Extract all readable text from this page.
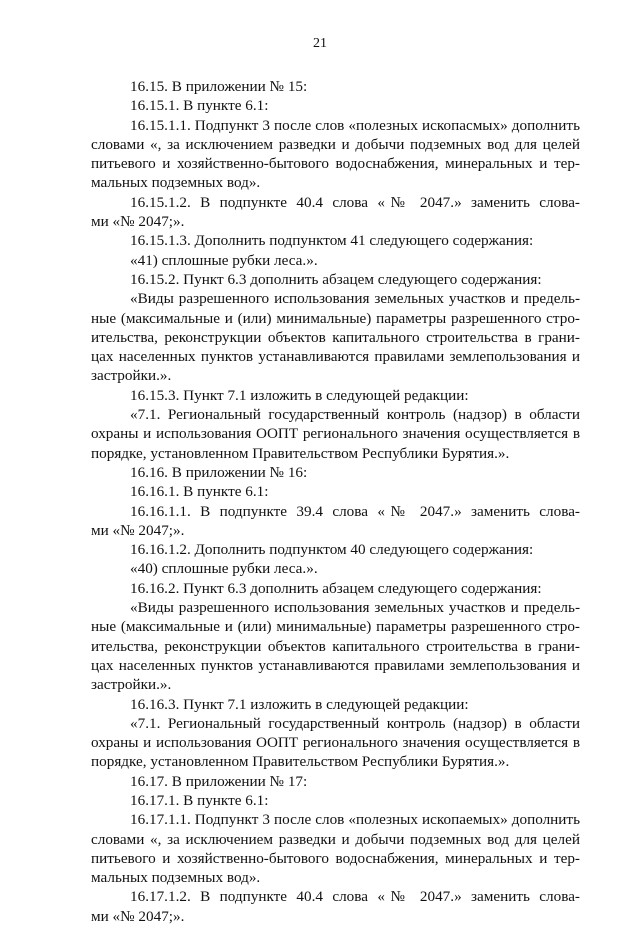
21
16.15. В приложении № 15:
16.15.1. В пункте 6.1:
16.15.1.1. Подпункт 3 после слов «полезных ископасмых» дополнить
словами «, за исключением разведки и добычи подземных вод для целей
питьевого и хозяйственно-бытового водоснабжения, минеральных и тер-
мальных подземных вод».
16.15.1.2. В подпункте 40.4 слова «№ 2047.» заменить слова-
ми «№ 2047;».
16.15.1.3. Дополнить подпунктом 41 следующего содержания:
«41) сплошные рубки леса.».
16.15.2. Пункт 6.3 дополнить абзацем следующего содержания:
«Виды разрешенного использования земельных участков и предель-
ные (максимальные и (или) минимальные) параметры разрешенного стро-
ительства, реконструкции объектов капитального строительства в грани-
цах населенных пунктов устанавливаются правилами землепользования и
застройки.».
16.15.3. Пункт 7.1 изложить в следующей редакции:
«7.1. Региональный государственный контроль (надзор) в области
охраны и использования ООПТ регионального значения осуществляется в
порядке, установленном Правительством Республики Бурятия.».
16.16. В приложении № 16:
16.16.1. В пункте 6.1:
16.16.1.1. В подпункте 39.4 слова «№ 2047.» заменить слова-
ми «№ 2047;».
16.16.1.2. Дополнить подпунктом 40 следующего содержания:
«40) сплошные рубки леса.».
16.16.2. Пункт 6.3 дополнить абзацем следующего содержания:
«Виды разрешенного использования земельных участков и предель-
ные (максимальные и (или) минимальные) параметры разрешенного стро-
ительства, реконструкции объектов капитального строительства в грани-
цах населенных пунктов устанавливаются правилами землепользования и
застройки.».
16.16.3. Пункт 7.1 изложить в следующей редакции:
«7.1. Региональный государственный контроль (надзор) в области
охраны и использования ООПТ регионального значения осуществляется в
порядке, установленном Правительством Республики Бурятия.».
16.17. В приложении № 17:
16.17.1. В пункте 6.1:
16.17.1.1. Подпункт 3 после слов «полезных ископаемых» дополнить
словами «, за исключением разведки и добычи подземных вод для целей
питьевого и хозяйственно-бытового водоснабжения, минеральных и тер-
мальных подземных вод».
16.17.1.2. В подпункте 40.4 слова «№ 2047.» заменить слова-
ми «№ 2047;».
